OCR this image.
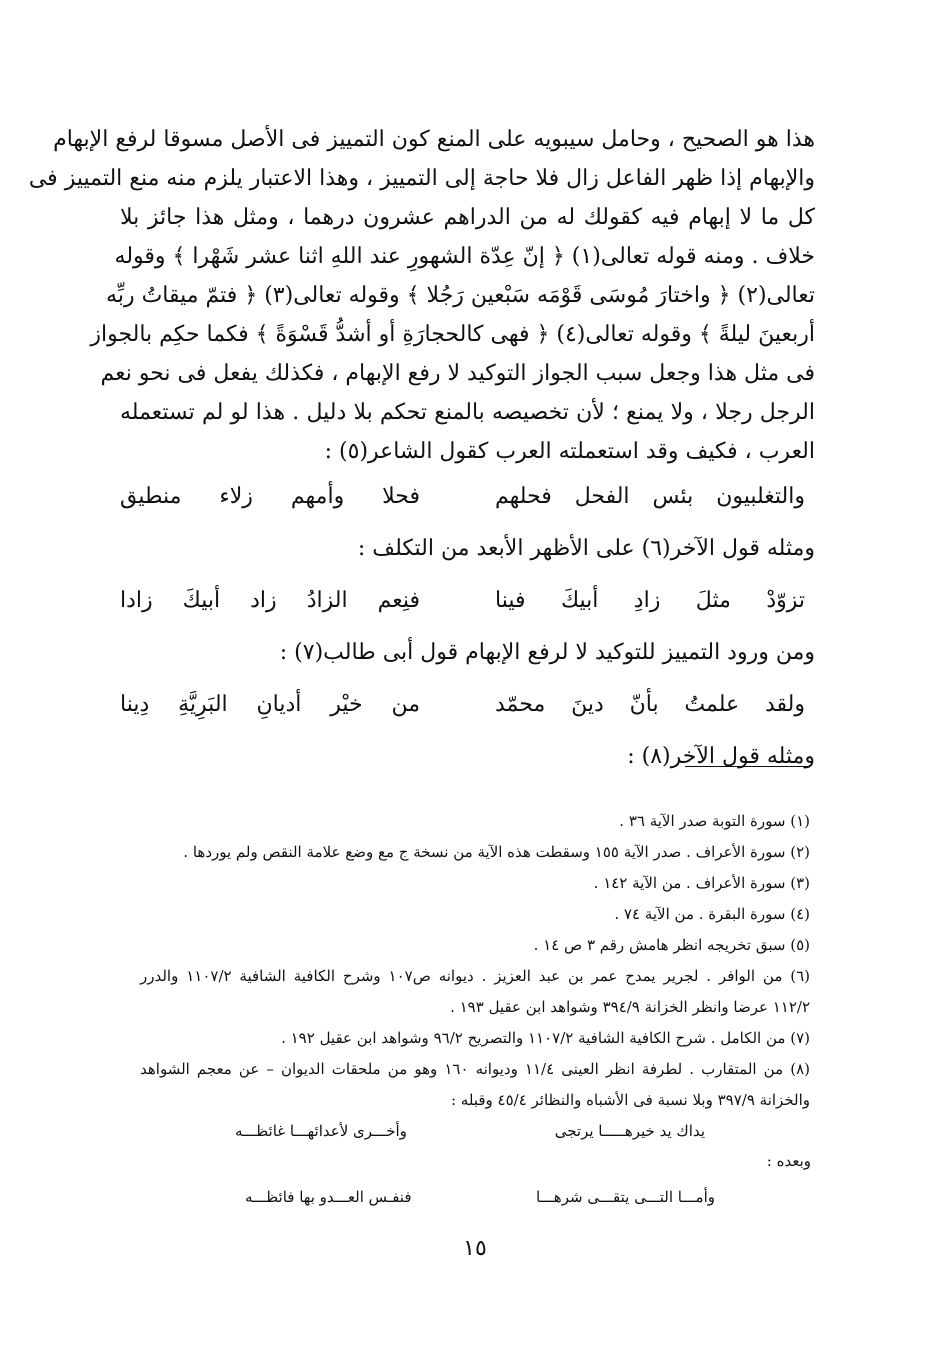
هذا هو الصحيح ، وحامل سيبويه على المنع كون التمييز فى الأصل مسوقا لرفع الإبهام
والإبهام إذا ظهر الفاعل زال فلا حاجة إلى التمييز ، وهذا الاعتبار يلزم منه منع التمييز فى
كل ما لا إبهام فيه كقولك له من الدراهم عشرون درهما ، ومثل هذا جائز بلا
خلاف . ومنه قوله تعالى(١) ﴿ إنّ عِدّة الشهورِ عند اللهِ اثنا عشر شَهْرا ﴾ وقوله
تعالى(٢) ﴿ واختارَ مُوسَى قَوْمَه سَبْعين رَجُلا ﴾ وقوله تعالى(٣) ﴿ فتمّ ميقاتُ ربِّه
أربعينَ ليلةً ﴾ وقوله تعالى(٤) ﴿ فهى كالحجارَةِ أو أشدُّ قَسْوَةً ﴾ فكما حكِم بالجواز
فى مثل هذا وجعل سبب الجواز التوكيد لا رفع الإبهام ، فكذلك يفعل فى نحو نعم
الرجل رجلا ، ولا يمنع ؛ لأن تخصيصه بالمنع تحكم بلا دليل . هذا لو لم تستعمله
العرب ، فكيف وقد استعملته العرب كقول الشاعر(٥) :
والتغلبيون بئس الفحل فحلهم
فحلا وأمهم زلاء منطيق
ومثله قول الآخر(٦) على الأظهر الأبعد من التكلف :
تزوّدْ مثلَ زادِ أبيكَ فينا
فنِعم الزادُ زاد أبيكَ زادا
ومن ورود التمييز للتوكيد لا لرفع الإبهام قول أبى طالب(٧) :
ولقد علمتُ بأنّ دينَ محمّد
من خيْر أديانِ البَرِيَّةِ دِينا
ومثله قول الآخر(٨) :
(١) سورة التوبة صدر الآية ٣٦ .
(٢) سورة الأعراف . صدر الآية ١٥٥ وسقطت هذه الآية من نسخة ج مع وضع علامة النقص ولم يوردها .
(٣) سورة الأعراف . من الآية ١٤٢ .
(٤) سورة البقرة . من الآية ٧٤ .
(٥) سبق تخريجه انظر هامش رقم ٣ ص ١٤ .
(٦) من الوافر . لجرير يمدح عمر بن عبد العزيز . ديوانه ص١٠٧ وشرح الكافية الشافية ١١٠٧/٢ والدرر
١١٢/٢ عرضا وانظر الخزانة ٣٩٤/٩ وشواهد ابن عقيل ١٩٣ .
(٧) من الكامل . شرح الكافية الشافية ١١٠٧/٢ والتصريح ٩٦/٢ وشواهد ابن عقيل ١٩٢ .
(٨) من المتقارب . لطرفة انظر العينى ١١/٤ وديوانه ١٦٠ وهو من ملحقات الديوان – عن معجم الشواهد
والخزانة ٣٩٧/٩ وبلا نسبة فى الأشباه والنظائر ٤٥/٤ وقبله :
يداك يد خيرهـــــا يرتجى
وأخـــرى لأعدائهـــا غائظـــه
وبعده :
وأمـــا التـــى يتقـــى شرهـــا
فنفـس العـــدو بها فائظـــه
١٥
